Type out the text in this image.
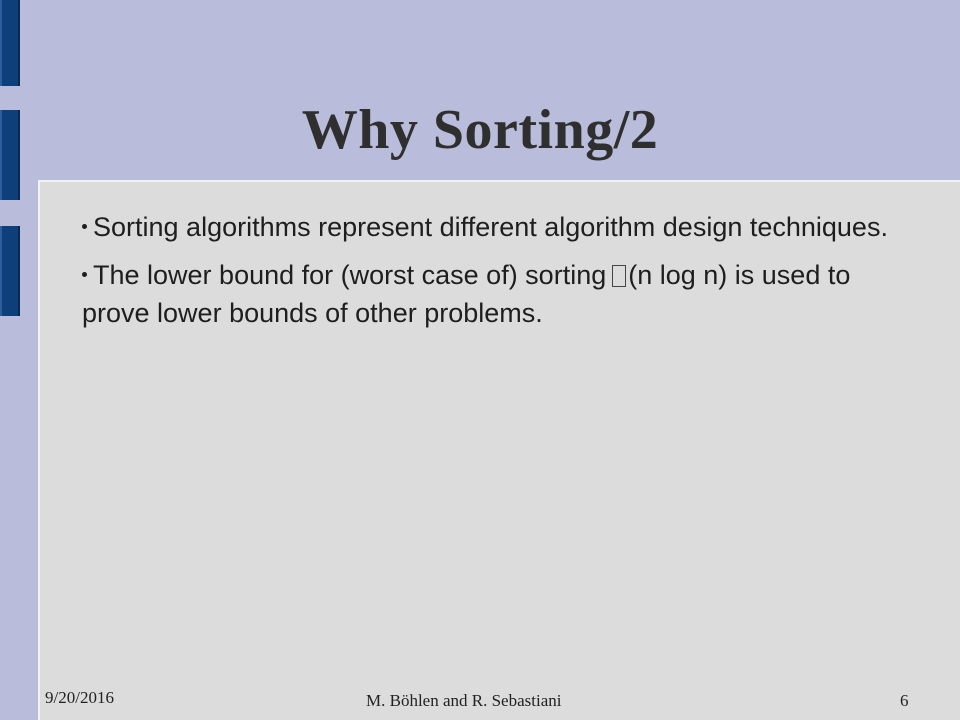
Why Sorting/2
Sorting algorithms represent different algorithm design techniques.
The lower bound for (worst case of) sorting (n log n) is used to prove lower bounds of other problems.
9/20/2016	M. Böhlen and R. Sebastiani	6
